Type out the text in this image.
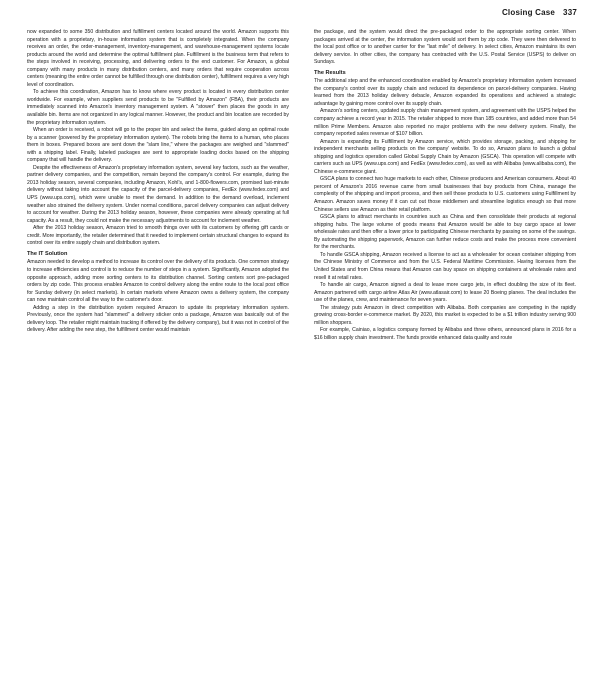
Closing Case 337

now expanded to some 350 distribution and fulfillment centers located around the world. Amazon supports this operation with a proprietary, in-house information system that is completely integrated. When the company receives an order, the order-management, inventory-management, and warehouse-management systems locate products around the world and determine the optimal fulfillment plan. Fulfillment is the business term that refers to the steps involved in receiving, processing, and delivering orders to the end customer. For Amazon, a global company with many products in many distribution centers, and many orders that require cooperation across centers (meaning the entire order cannot be fulfilled through one distribution center), fulfillment requires a very high level of coordination.

To achieve this coordination, Amazon has to know where every product is located in every distribution center worldwide. For example, when suppliers send products to be "Fulfilled by Amazon" (FBA), their products are immediately scanned into Amazon's inventory management system. A "stower" then places the goods in any available bin. Items are not organized in any logical manner. However, the product and bin location are recorded by the proprietary information system.

When an order is received, a robot will go to the proper bin and select the items, guided along an optimal route by a scanner (powered by the proprietary information system). The robots bring the items to a human, who places them in boxes. Prepared boxes are sent down the "slam line," where the packages are weighed and "slammed" with a shipping label. Finally, labeled packages are sent to appropriate loading docks based on the shipping company that will handle the delivery.

Despite the effectiveness of Amazon's proprietary information system, several key factors, such as the weather, partner delivery companies, and the competition, remain beyond the company's control. For example, during the 2013 holiday season, several companies, including Amazon, Kohl's, and 1-800-flowers.com, promised last-minute delivery without taking into account the capacity of the parcel-delivery companies, FedEx (www.fedex.com) and UPS (www.ups.com), which were unable to meet the demand. In addition to the demand overload, inclement weather also strained the delivery system. Under normal conditions, parcel delivery companies can adjust delivery to account for weather. During the 2013 holiday season, however, these companies were already operating at full capacity. As a result, they could not make the necessary adjustments to account for inclement weather.

After the 2013 holiday season, Amazon tried to smooth things over with its customers by offering gift cards or credit. More importantly, the retailer determined that it needed to implement certain structural changes to expand its control over its entire supply chain and distribution system.

The IT Solution

Amazon needed to develop a method to increase its control over the delivery of its products. One common strategy to increase efficiencies and control is to reduce the number of steps in a system. Significantly, Amazon adopted the opposite approach, adding more sorting centers to its distribution channel. Sorting centers sort pre-packaged orders by zip code. This process enables Amazon to control delivery along the entire route to the local post office for Sunday delivery (in select markets). In certain markets where Amazon owns a delivery system, the company can now maintain control all the way to the customer's door.

Adding a step in the distribution system required Amazon to update its proprietary information system. Previously, once the system had "slammed" a delivery sticker onto a package, Amazon was basically out of the delivery loop. The retailer might maintain tracking if offered by the delivery company), but it was not in control of the delivery. After adding the new step, the fulfillment center would maintain

the package, and the system would direct the pre-packaged order to the appropriate sorting center. When packages arrived at the center, the information system would sort them by zip code. They were then delivered to the local post office or to another carrier for the "last mile" of delivery. In select cities, Amazon maintains its own delivery service. In other cities, the company has contracted with the U.S. Postal Service (USPS) to deliver on Sundays.

The Results

The additional step and the enhanced coordination enabled by Amazon's proprietary information system increased the company's control over its supply chain and reduced its dependence on parcel-delivery companies. Having learned from the 2013 holiday delivery debacle, Amazon expanded its operations and achieved a strategic advantage by gaining more control over its supply chain.

Amazon's sorting centers, updated supply chain management system, and agreement with the USPS helped the company achieve a record year in 2015. The retailer shipped to more than 185 countries, and added more than 54 million Prime Members. Amazon also reported no major problems with the new delivery system. Finally, the company reported sales revenue of $107 billion.

Amazon is expanding its Fulfillment by Amazon service, which provides storage, packing, and shipping for independent merchants selling products on the company' website. To do so, Amazon plans to launch a global shipping and logistics operation called Global Supply Chain by Amazon (GSCA). This operation will compete with carriers such as UPS (www.ups.com) and FedEx (www.fedex.com), as well as with Alibaba (www.alibaba.com), the Chinese e-commerce giant.

GSCA plans to connect two huge markets to each other, Chinese producers and American consumers. About 40 percent of Amazon's 2016 revenue came from small businesses that buy products from China, manage the complexity of the shipping and import process, and then sell those products to U.S. customers using Fulfillment by Amazon. Amazon saves money if it can cut out those middlemen and streamline logistics enough so that more Chinese sellers use Amazon as their retail platform.

GSCA plans to attract merchants in countries such as China and then consolidate their products at regional shipping hubs. The large volume of goods means that Amazon would be able to buy cargo space at lower wholesale rates and then offer a lower price to participating Chinese merchants by passing on some of the savings. By automating the shipping paperwork, Amazon can further reduce costs and make the process more convenient for the merchants.

To handle GSCA shipping, Amazon received a license to act as a wholesaler for ocean container shipping from the Chinese Ministry of Commerce and from the U.S. Federal Maritime Commission. Having licenses from the United States and from China means that Amazon can buy space on shipping containers at wholesale rates and resell it at retail rates.

To handle air cargo, Amazon signed a deal to lease more cargo jets, in effect doubling the size of its fleet. Amazon partnered with cargo airline Atlas Air (www.atlasair.com) to lease 20 Boeing planes. The deal includes the use of the planes, crew, and maintenance for seven years.

The strategy puts Amazon in direct competition with Alibaba. Both companies are competing in the rapidly growing cross-border e-commerce market. By 2020, this market is expected to be a $1 trillion industry serving 900 million shoppers.

For example, Cainiao, a logistics company formed by Alibaba and three others, announced plans in 2016 for a $16 billion supply chain investment. The funds provide enhanced data quality and route
